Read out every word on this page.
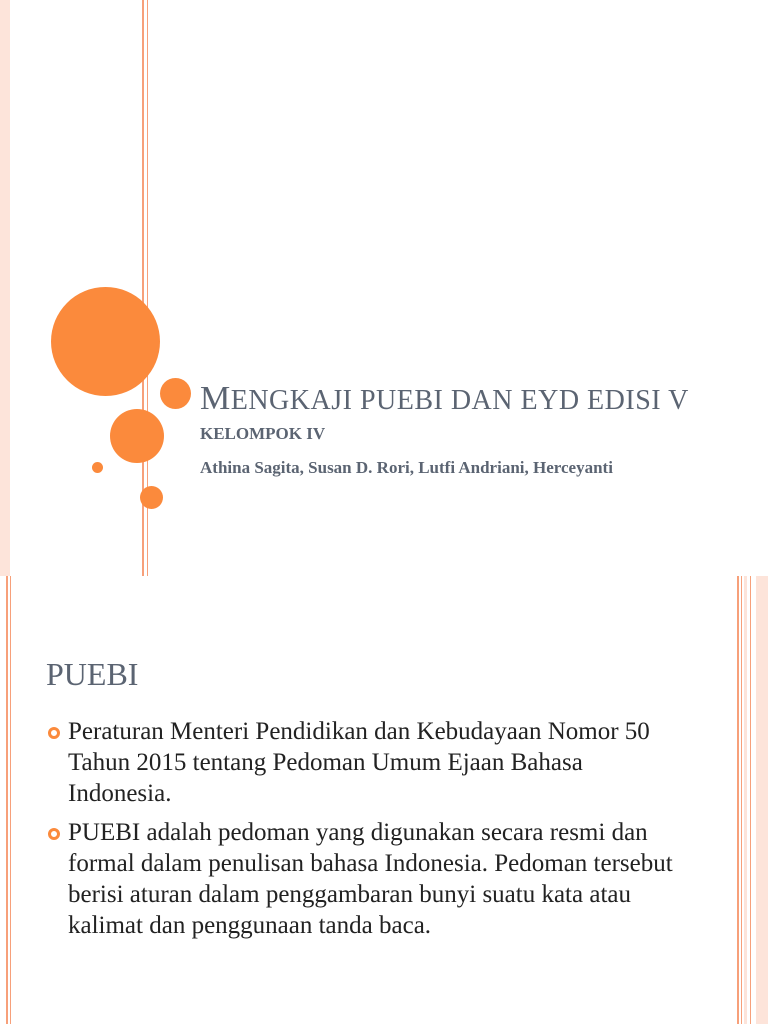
MENGKAJI PUEBI DAN EYD EDISI V
KELOMPOK IV
Athina Sagita, Susan D. Rori, Lutfi Andriani, Herceyanti
PUEBI
Peraturan Menteri Pendidikan dan Kebudayaan Nomor 50 Tahun 2015 tentang Pedoman Umum Ejaan Bahasa Indonesia.
PUEBI adalah pedoman yang digunakan secara resmi dan formal dalam penulisan bahasa Indonesia. Pedoman tersebut berisi aturan dalam penggambaran bunyi suatu kata atau kalimat dan penggunaan tanda baca.
